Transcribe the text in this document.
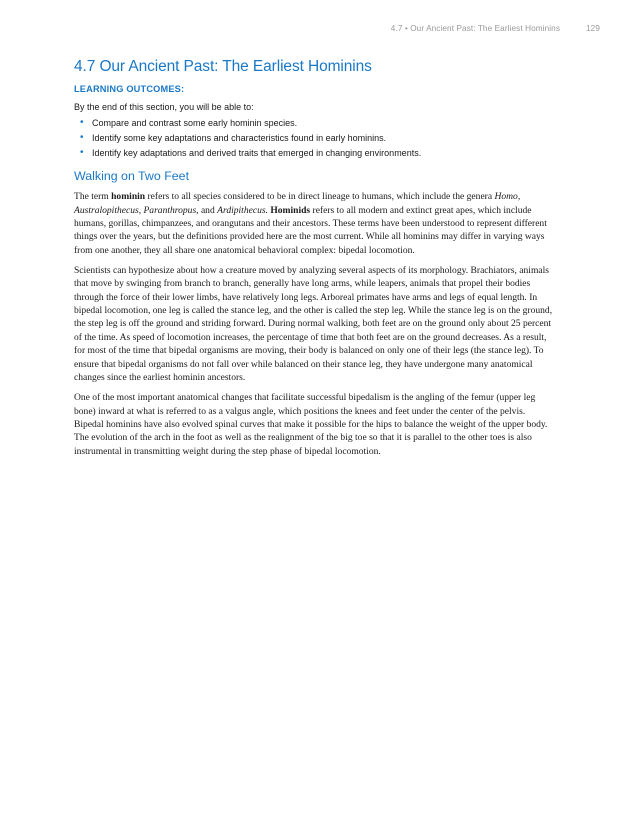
4.7 • Our Ancient Past: The Earliest Hominins	129
4.7 Our Ancient Past: The Earliest Hominins
LEARNING OUTCOMES:
By the end of this section, you will be able to:
• Compare and contrast some early hominin species.
• Identify some key adaptations and characteristics found in early hominins.
• Identify key adaptations and derived traits that emerged in changing environments.
Walking on Two Feet

The term hominin refers to all species considered to be in direct lineage to humans, which include the genera Homo, Australopithecus, Paranthropus, and Ardipithecus. Hominids refers to all modern and extinct great apes, which include humans, gorillas, chimpanzees, and orangutans and their ancestors. These terms have been understood to represent different things over the years, but the definitions provided here are the most current. While all hominins may differ in varying ways from one another, they all share one anatomical behavioral complex: bipedal locomotion.

Scientists can hypothesize about how a creature moved by analyzing several aspects of its morphology. Brachiators, animals that move by swinging from branch to branch, generally have long arms, while leapers, animals that propel their bodies through the force of their lower limbs, have relatively long legs. Arboreal primates have arms and legs of equal length. In bipedal locomotion, one leg is called the stance leg, and the other is called the step leg. While the stance leg is on the ground, the step leg is off the ground and striding forward. During normal walking, both feet are on the ground only about 25 percent of the time. As speed of locomotion increases, the percentage of time that both feet are on the ground decreases. As a result, for most of the time that bipedal organisms are moving, their body is balanced on only one of their legs (the stance leg). To ensure that bipedal organisms do not fall over while balanced on their stance leg, they have undergone many anatomical changes since the earliest hominin ancestors.

One of the most important anatomical changes that facilitate successful bipedalism is the angling of the femur (upper leg bone) inward at what is referred to as a valgus angle, which positions the knees and feet under the center of the pelvis. Bipedal hominins have also evolved spinal curves that make it possible for the hips to balance the weight of the upper body. The evolution of the arch in the foot as well as the realignment of the big toe so that it is parallel to the other toes is also instrumental in transmitting weight during the step phase of bipedal locomotion.
